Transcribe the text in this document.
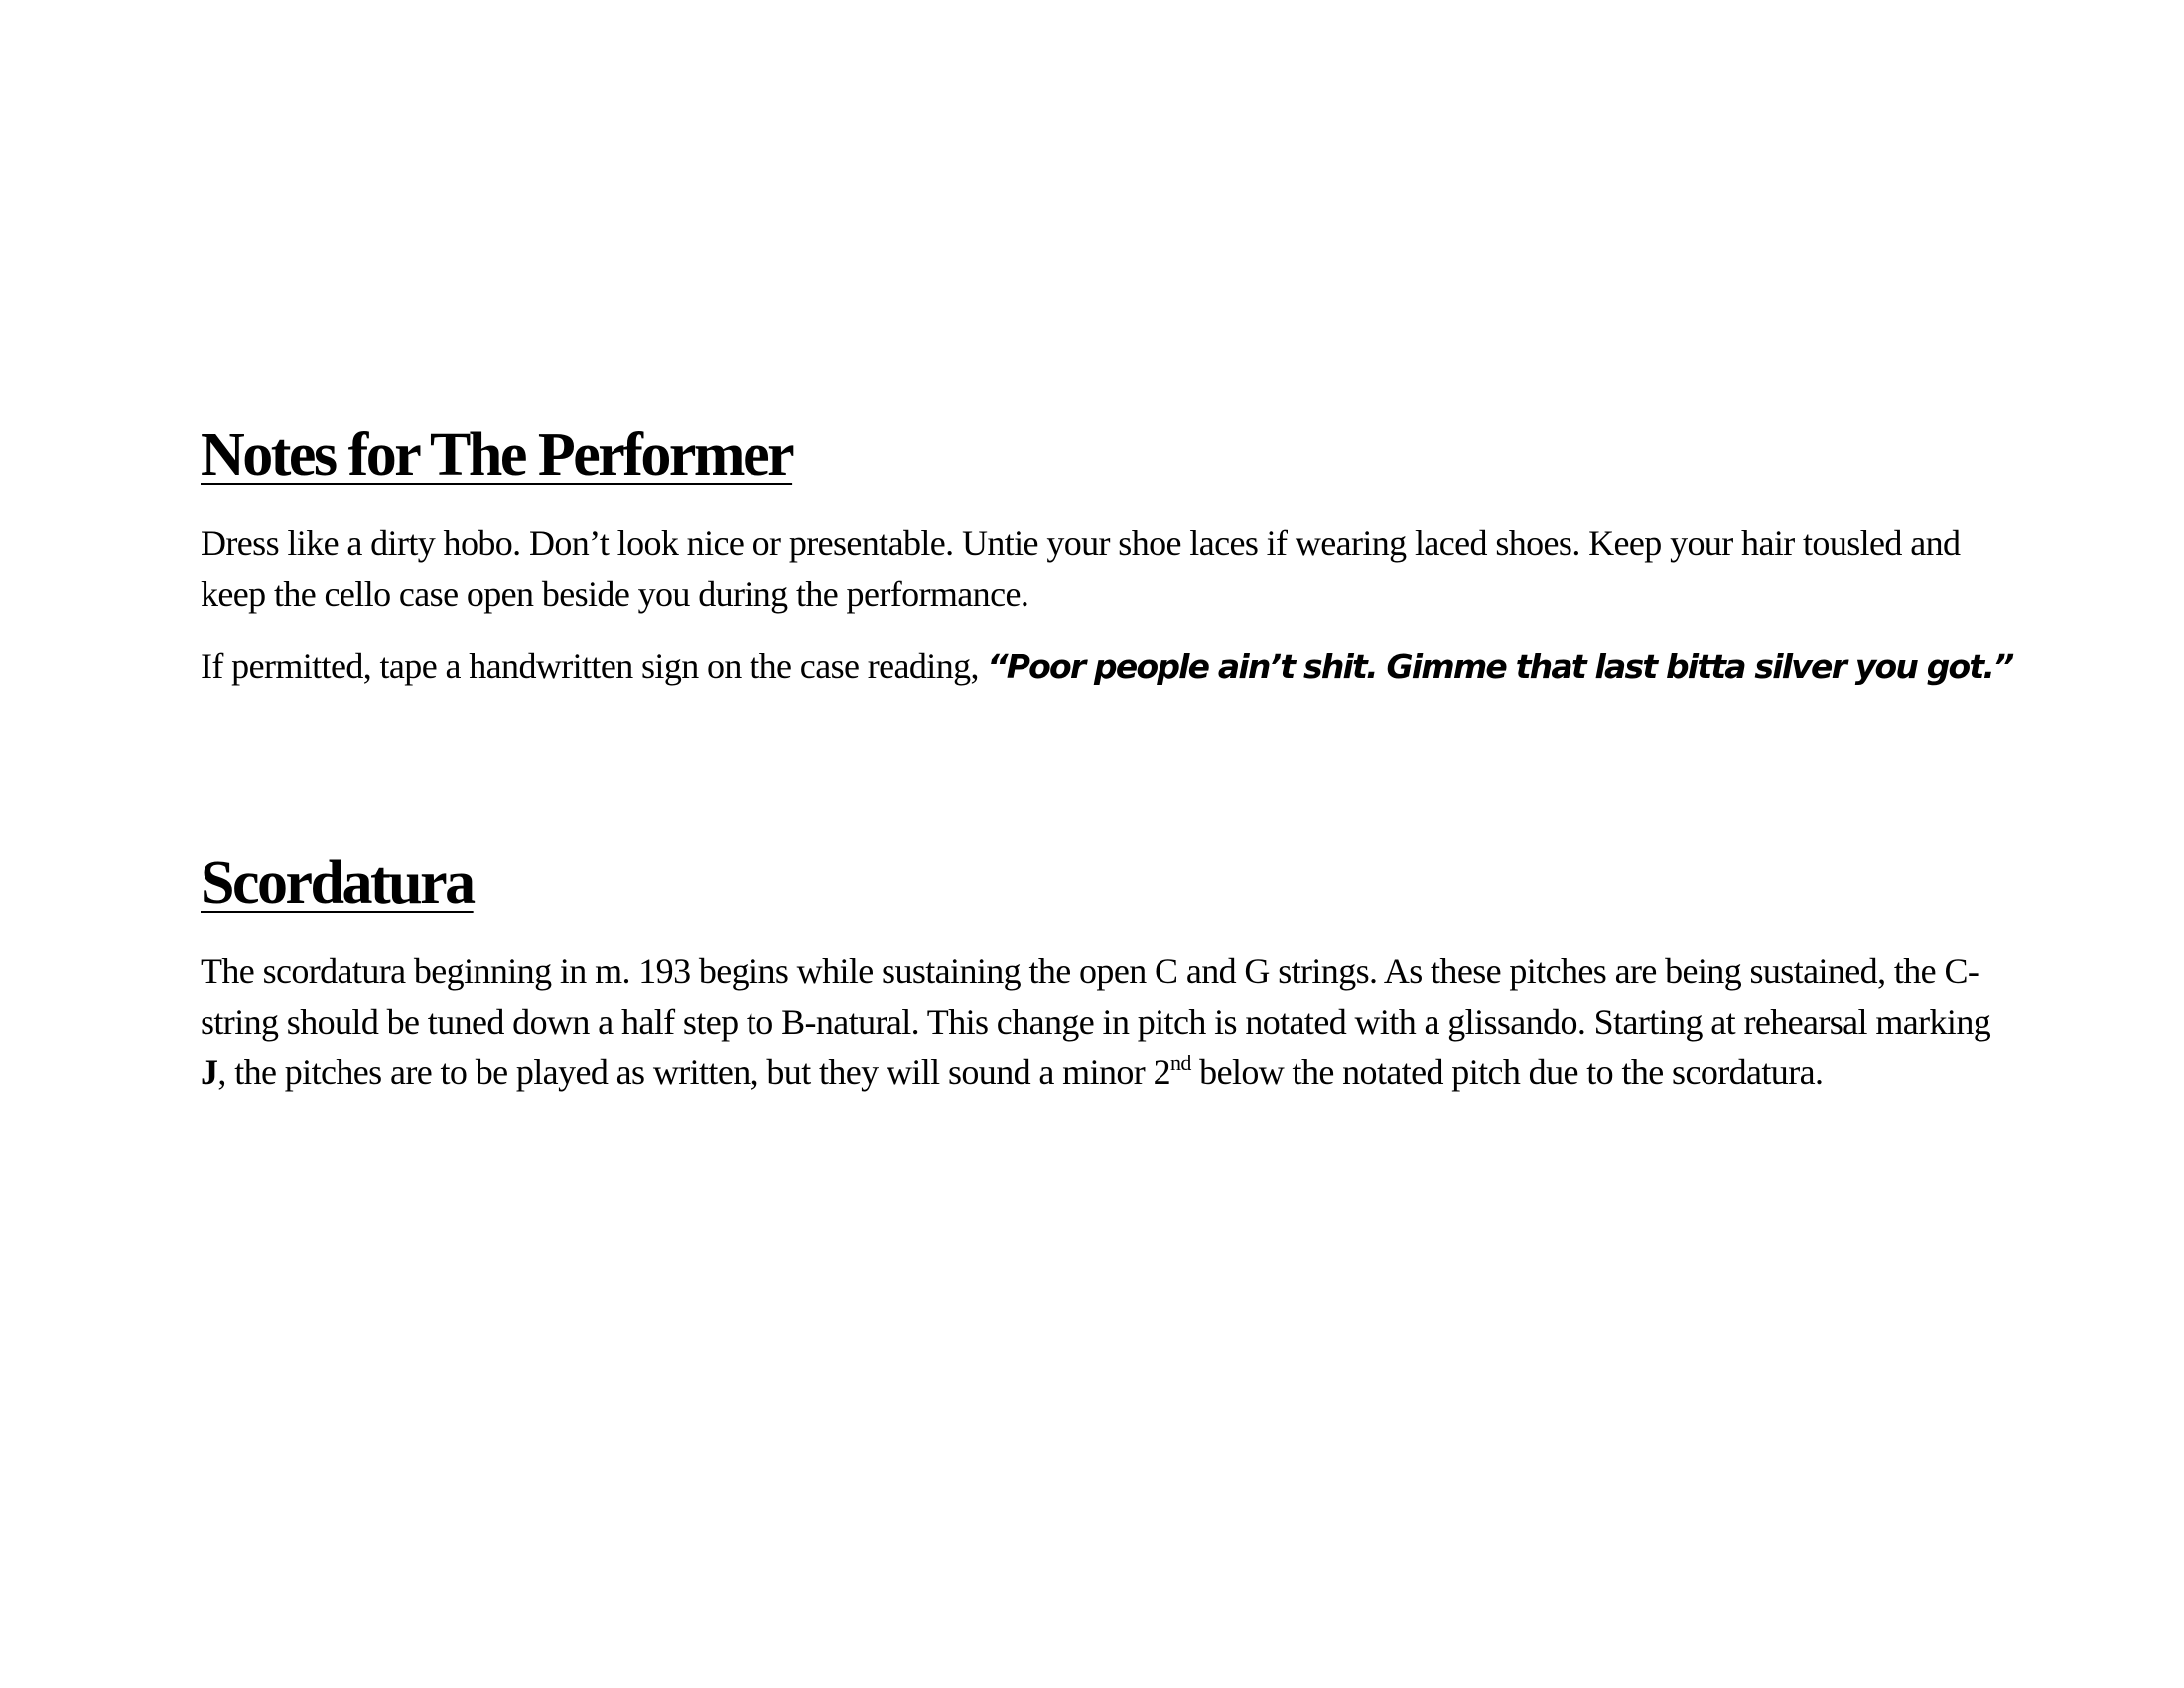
Notes for The Performer

Dress like a dirty hobo. Don’t look nice or presentable. Untie your shoe laces if wearing laced shoes. Keep your hair tousled and keep the cello case open beside you during the performance.

If permitted, tape a handwritten sign on the case reading, “Poor people ain’t shit. Gimme that last bitta silver you got.”

Scordatura

The scordatura beginning in m. 193 begins while sustaining the open C and G strings. As these pitches are being sustained, the C-string should be tuned down a half step to B-natural. This change in pitch is notated with a glissando. Starting at rehearsal marking J, the pitches are to be played as written, but they will sound a minor 2nd below the notated pitch due to the scordatura.
